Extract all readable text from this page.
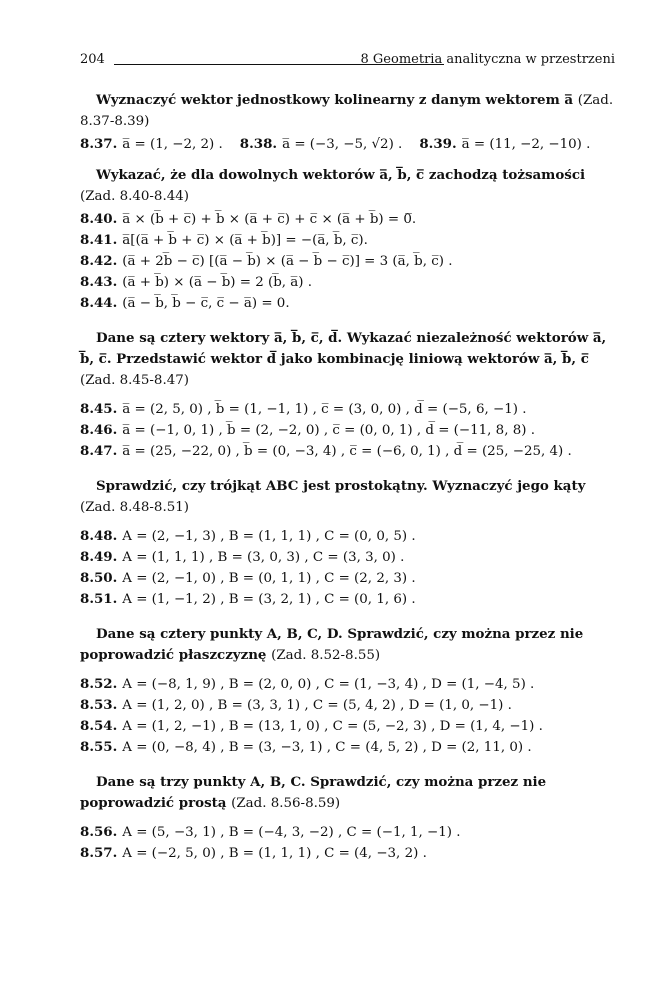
204	8 Geometria analityczna w przestrzeni

Wyznaczyć wektor jednostkowy kolinearny z danym wektorem a̅ (Zad. 8.37-8.39)

8.37. a̅ = (1, −2, 2) . 8.38. a̅ = (−3, −5, √2) . 8.39. a̅ = (11, −2, −10) .

Wykazać, że dla dowolnych wektorów a̅, b̅, c̅ zachodzą tożsamości (Zad. 8.40-8.44)

8.40. a̅ × (b̅ + c̅) + b̅ × (a̅ + c̅) + c̅ × (a̅ + b̅) = 0̅.

8.41. a̅[(a̅ + b̅ + c̅) × (a̅ + b̅)] = −(a̅, b̅, c̅).

8.42. (a̅ + 2b̅ − c̅) [(a̅ − b̅) × (a̅ − b̅ − c̅)] = 3 (a̅, b̅, c̅) .

8.43. (a̅ + b̅) × (a̅ − b̅) = 2 (b̅, a̅) .

8.44. (a̅ − b̅, b̅ − c̅, c̅ − a̅) = 0.

Dane są cztery wektory a̅, b̅, c̅, d̅. Wykazać niezależność wektorów a̅, b̅, c̅. Przedstawić wektor d̅ jako kombinację liniową wektorów a̅, b̅, c̅ (Zad. 8.45-8.47)

8.45. a̅ = (2, 5, 0) , b̅ = (1, −1, 1) , c̅ = (3, 0, 0) , d̅ = (−5, 6, −1) .

8.46. a̅ = (−1, 0, 1) , b̅ = (2, −2, 0) , c̅ = (0, 0, 1) , d̅ = (−11, 8, 8) .

8.47. a̅ = (25, −22, 0) , b̅ = (0, −3, 4) , c̅ = (−6, 0, 1) , d̅ = (25, −25, 4) .

Sprawdzić, czy trójkąt ABC jest prostokątny. Wyznaczyć jego kąty (Zad. 8.48-8.51)

8.48. A = (2, −1, 3) , B = (1, 1, 1) , C = (0, 0, 5) .

8.49. A = (1, 1, 1) , B = (3, 0, 3) , C = (3, 3, 0) .

8.50. A = (2, −1, 0) , B = (0, 1, 1) , C = (2, 2, 3) .

8.51. A = (1, −1, 2) , B = (3, 2, 1) , C = (0, 1, 6) .

Dane są cztery punkty A, B, C, D. Sprawdzić, czy można przez nie poprowadzić płaszczyznę (Zad. 8.52-8.55)

8.52. A = (−8, 1, 9) , B = (2, 0, 0) , C = (1, −3, 4) , D = (1, −4, 5) .

8.53. A = (1, 2, 0) , B = (3, 3, 1) , C = (5, 4, 2) , D = (1, 0, −1) .

8.54. A = (1, 2, −1) , B = (13, 1, 0) , C = (5, −2, 3) , D = (1, 4, −1) .

8.55. A = (0, −8, 4) , B = (3, −3, 1) , C = (4, 5, 2) , D = (2, 11, 0) .

Dane są trzy punkty A, B, C. Sprawdzić, czy można przez nie poprowadzić prostą (Zad. 8.56-8.59)

8.56. A = (5, −3, 1) , B = (−4, 3, −2) , C = (−1, 1, −1) .

8.57. A = (−2, 5, 0) , B = (1, 1, 1) , C = (4, −3, 2) .
